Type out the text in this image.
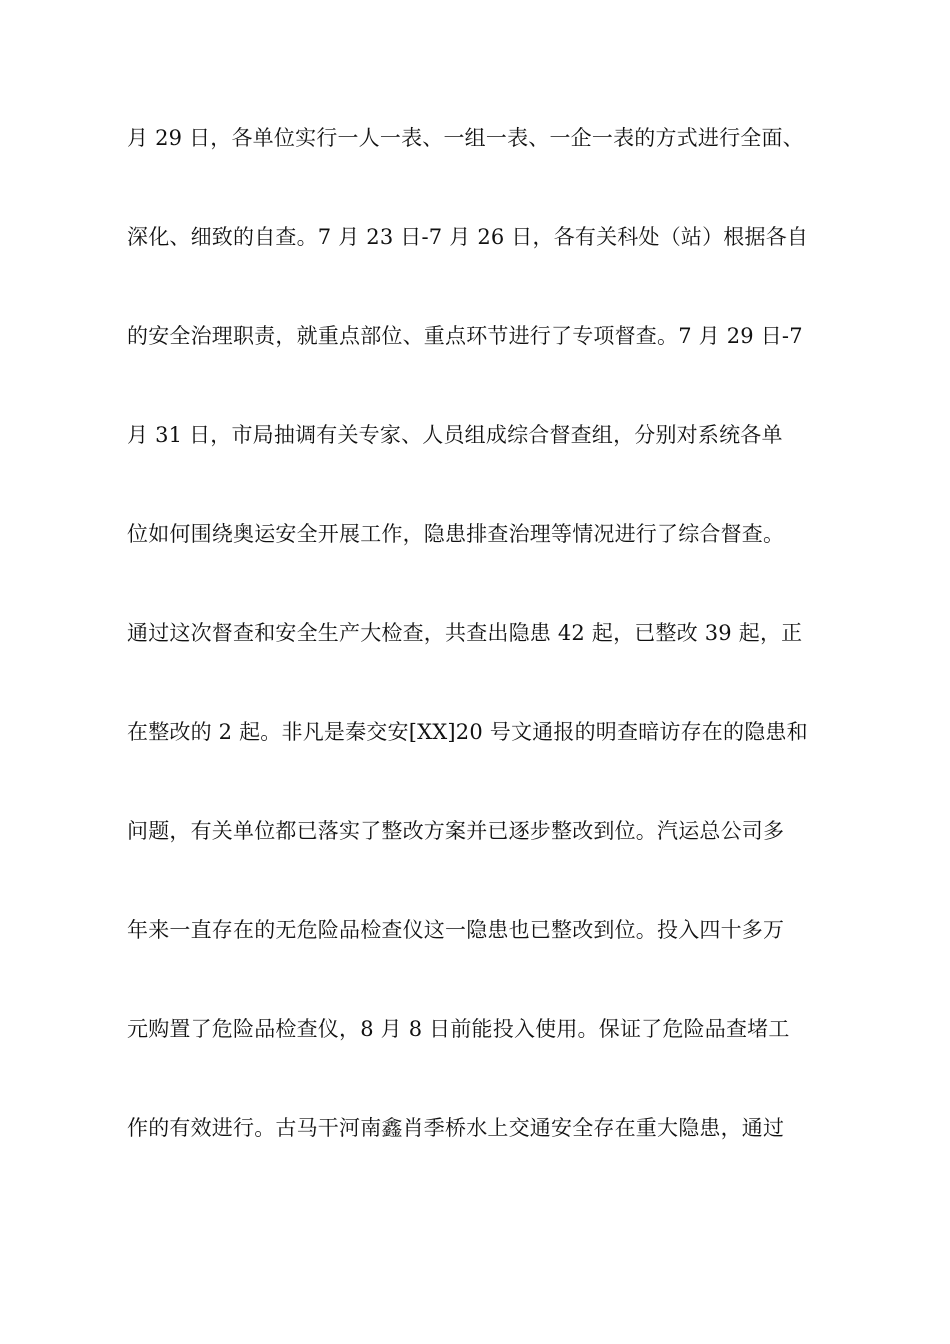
月 29 日，各单位实行一人一表、一组一表、一企一表的方式进行全面、
深化、细致的自查。7 月 23 日-7 月 26 日，各有关科处（站）根据各自
的安全治理职责，就重点部位、重点环节进行了专项督查。7 月 29 日-7
月 31 日，市局抽调有关专家、人员组成综合督查组，分别对系统各单
位如何围绕奥运安全开展工作，隐患排查治理等情况进行了综合督查。
通过这次督查和安全生产大检查，共查出隐患 42 起，已整改 39 起，正
在整改的 2 起。非凡是秦交安[XX]20 号文通报的明查暗访存在的隐患和
问题，有关单位都已落实了整改方案并已逐步整改到位。汽运总公司多
年来一直存在的无危险品检查仪这一隐患也已整改到位。投入四十多万
元购置了危险品检查仪，8 月 8 日前能投入使用。保证了危险品查堵工
作的有效进行。古马干河南鑫肖季桥水上交通安全存在重大隐患，通过
